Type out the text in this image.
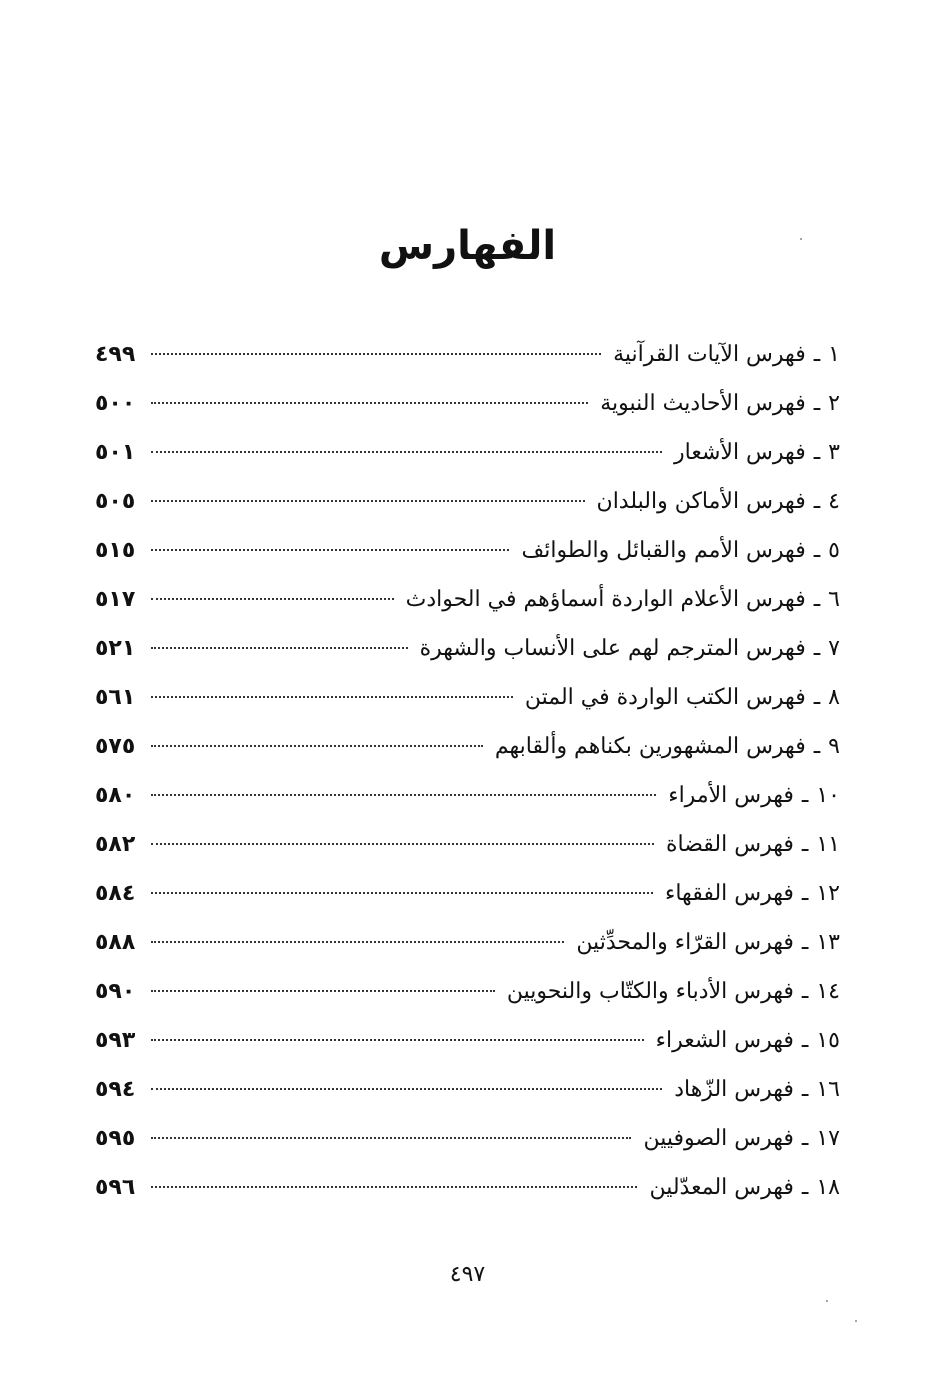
الفهارس
١
ـ
فهرس الآيات القرآنية
٤٩٩
٢
ـ
فهرس الأحاديث النبوية
٥٠٠
٣
ـ
فهرس الأشعار
٥٠١
٤
ـ
فهرس الأماكن والبلدان
٥٠٥
٥
ـ
فهرس الأمم والقبائل والطوائف
٥١٥
٦
ـ
فهرس الأعلام الواردة أسماؤهم في الحوادث
٥١٧
٧
ـ
فهرس المترجم لهم على الأنساب والشهرة
٥٢١
٨
ـ
فهرس الكتب الواردة في المتن
٥٦١
٩
ـ
فهرس المشهورين بكناهم وألقابهم
٥٧٥
١٠
ـ
فهرس الأمراء
٥٨٠
١١
ـ
فهرس القضاة
٥٨٢
١٢
ـ
فهرس الفقهاء
٥٨٤
١٣
ـ
فهرس القرّاء والمحدِّثين
٥٨٨
١٤
ـ
فهرس الأدباء والكتّاب والنحويين
٥٩٠
١٥
ـ
فهرس الشعراء
٥٩٣
١٦
ـ
فهرس الزّهاد
٥٩٤
١٧
ـ
فهرس الصوفيين
٥٩٥
١٨
ـ
فهرس المعدّلين
٥٩٦
٤٩٧
